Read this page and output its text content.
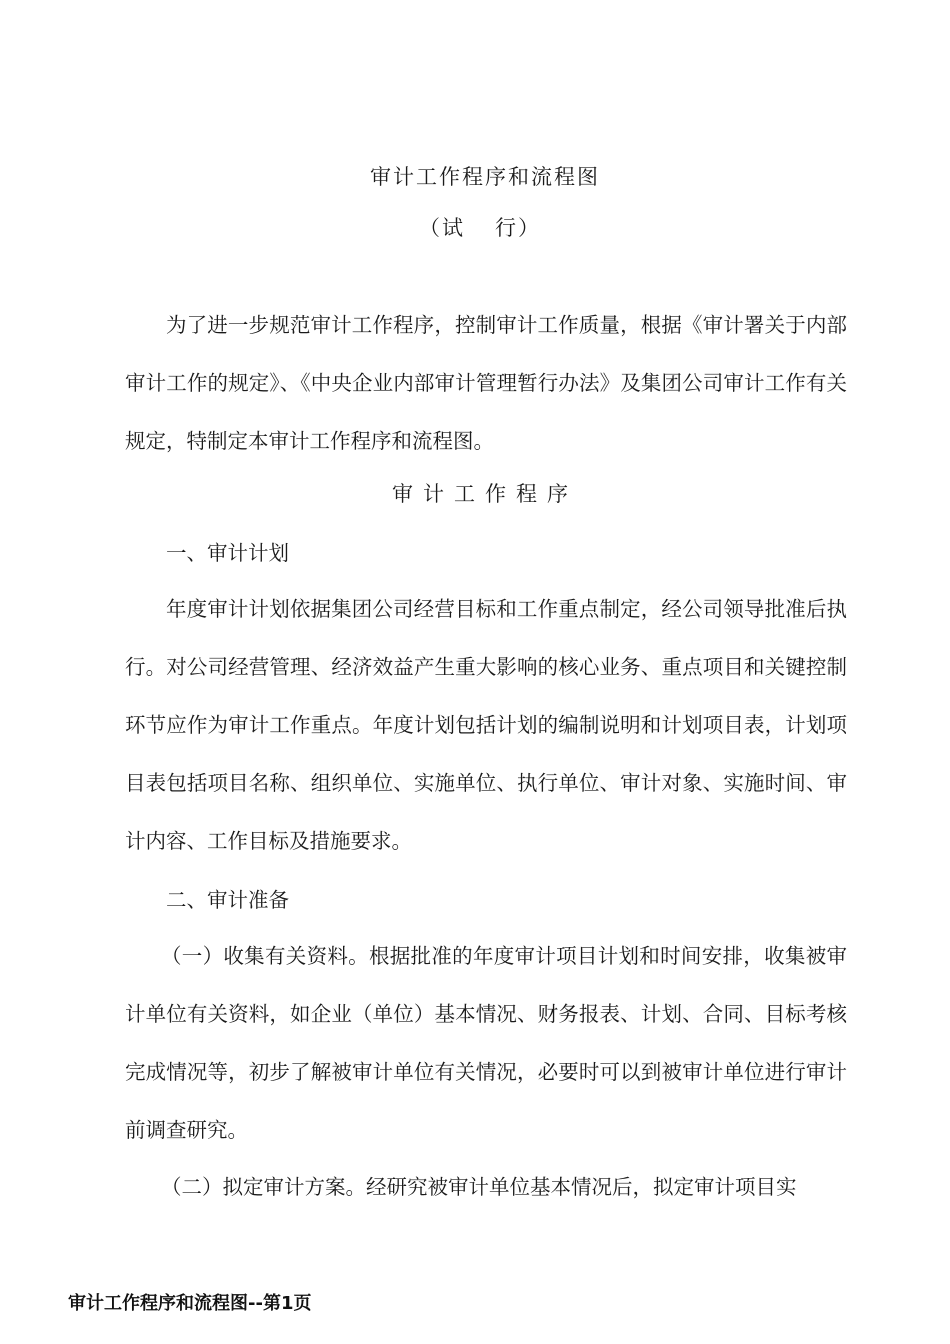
审计工作程序和流程图
（试 行）

为了进一步规范审计工作程序，控制审计工作质量，根据《审计署关于内部审计工作的规定》、《中央企业内部审计管理暂行办法》及集团公司审计工作有关规定，特制定本审计工作程序和流程图。

审计工作程序
一、审计计划

年度审计计划依据集团公司经营目标和工作重点制定，经公司领导批准后执行。对公司经营管理、经济效益产生重大影响的核心业务、重点项目和关键控制环节应作为审计工作重点。年度计划包括计划的编制说明和计划项目表，计划项目表包括项目名称、组织单位、实施单位、执行单位、审计对象、实施时间、审计内容、工作目标及措施要求。

二、审计准备

（一）收集有关资料。根据批准的年度审计项目计划和时间安排，收集被审计单位有关资料，如企业（单位）基本情况、财务报表、计划、合同、目标考核完成情况等，初步了解被审计单位有关情况，必要时可以到被审计单位进行审计前调查研究。

（二）拟定审计方案。经研究被审计单位基本情况后，拟定审计项目实

审计工作程序和流程图--第1页
